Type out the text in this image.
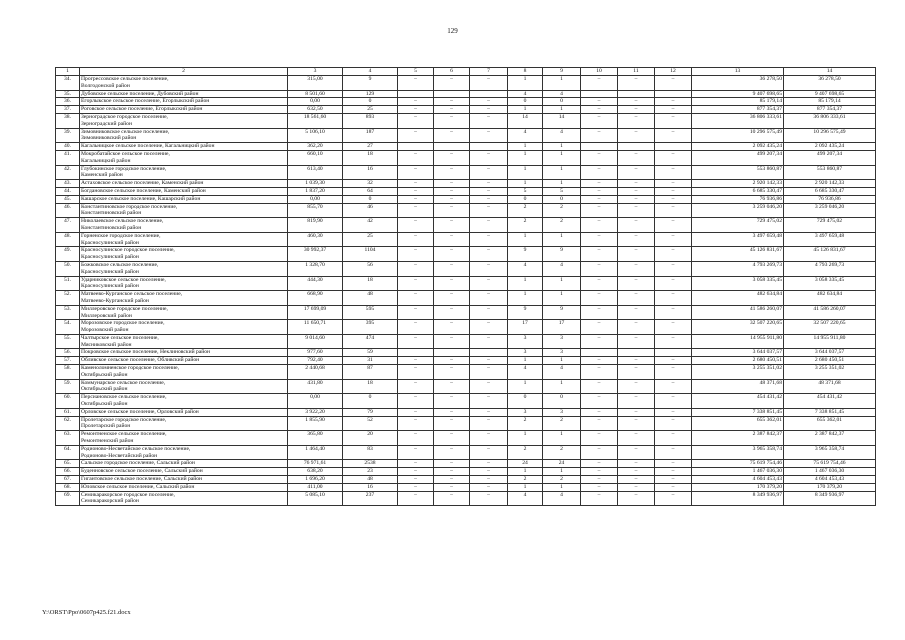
129
1	2	3	4	5	6	7	8	9	10	11	12	13	14
34.	Прогрессовское сельское поселение,
Волгодонской район	315,00	9	–	–	–	1	1	–	–	–	36 278,50	36 278,50
35.	Дубовское сельское поселение, Дубовский район	8 501,60	129				4	4				9 407 698,65	9 407 698,65
36.	Егорлыкское сельское поселение, Егорлыкский район	0,00	0	–	–	–	0	0	–	–	–	85 179,14	85 179,14
37.	Роговское сельское поселение, Егорлыкский район	632,50	25	–	–	–	1	1	–	–	–	877 354,37	877 354,37
38.	Зерноградское городское поселение,
Зерноградский район	18 561,60	893	–	–	–	14	14	–	–	–	36 806 333,61	36 806 333,61
39.	Зимовниковское сельское поселение,
Зимовниковский район	5 106,10	187	–	–	–	4	4	–	–	–	10 296 575,49	10 296 575,49
40.	Кагальницкое сельское поселение, Кагальницкий район	362,20	27				1	1				2 092 435,24	2 092 435,24
41.	Мокробатайское сельское поселение,
Кагальницкий район	660,10	18	–	–	–	1	1	–	–	–	499 207,34	499 207,34
42.	Глубокинское городское поселение,
Каменский район	613,40	16	–	–	–	1	1	–	–	–	553 860,87	553 860,87
43.	Астаховское сельское поселение, Каменский район	1 039,30	32	–	–	–	1	1	–	–	–	2 920 142,33	2 920 142,33
44.	Богдановское сельское поселение, Каменский район	1 837,20	64	–	–	–	5	5	–	–	–	6 685 330,47	6 685 330,47
45.	Кашарское сельское поселение, Кашарский район	0,00	0	–	–	–	0	0	–	–	–	76 936,86	76 936,86
46.	Константиновское городское поселение,
Константиновский район	855,70	46	–	–	–	2	2	–	–	–	3 259 046,20	3 259 046,20
47.	Николаевское сельское поселение,
Константиновский район	819,90	42	–	–	–	2	2	–	–	–	729 475,02	729 475,02
48.	Горненское городское поселение,
Красносулинский район	460,30	25	–	–	–	1	1	–	–	–	3 497 659,48	3 497 659,48
49.	Красносулинское городское поселение,
Красносулинский район	30 992,37	1104	–	–	–	9	9	–	–	–	45 126 831,67	45 126 831,67
50.	Божковское сельское поселение,
Красносулинский район	1 328,70	56	–	–	–	4	4	–	–	–	4 793 269,73	4 793 269,73
51.	Ударниковское сельское поселение,
Красносулинский район	444,30	18	–	–	–	1	1	–	–	–	3 058 335,45	3 058 335,45
52.	Матвеево-Курганское сельское поселение,
Матвеево-Курганский район	668,90	48	–	–	–	1	1	–	–	–	482 634,84	482 634,84
53.	Миллеровское городское поселение,
Миллеровский район	17 699,09	595	–	–	–	9	9	–	–	–	41 586 260,07	41 586 260,07
54.	Морозовское городское поселение,
Морозовский район	11 650,71	395	–	–	–	17	17	–	–	–	32 507 220,65	32 507 220,65
55.	Чалтырское сельское поселение,
Мясниковский район	9 014,60	474	–	–	–	3	3	–	–	–	14 955 911,80	14 955 911,80
56.	Покровское сельское поселение, Неклиновский район	977,60	59				3	3				3 644 037,57	3 644 037,57
57.	Обливское сельское поселение, Обливский район	792,40	31	–	–	–	1	1	–	–	–	2 680 450,51	2 680 450,51
58.	Каменоломненское городское поселение,
Октябрьский район	2 440,68	87	–	–	–	4	4	–	–	–	3 255 351,02	3 255 351,02
59.	Коммунарское сельское поселение,
Октябрьский район	431,80	18	–	–	–	1	1	–	–	–	48 371,68	48 371,68
60.	Персиановское сельское поселение,
Октябрьский район	0,00	0	–	–	–	0	0	–	–	–	454 431,42	454 431,42
61.	Орловское сельское поселение, Орловский район	3 922,20	79	–	–	–	3	3	–	–	–	7 338 851,45	7 338 851,45
62.	Пролетарское городское поселение,
Пролетарский район	1 855,90	52	–	–	–	2	2	–	–	–	655 362,01	655 362,01
63.	Ремонтненское сельское поселение,
Ремонтненский район	365,80	20	–	–	–	1	1	–	–	–	2 387 842,37	2 387 842,37
64.	Родионово-Несветайское сельское поселение,
Родионово-Несветайский район	1 464,40	83	–	–	–	2	2	–	–	–	3 965 358,74	3 965 358,74
65.	Сальское городское поселение, Сальский район	76 971,61	2538	–	–	–	24	24	–	–	–	75 619 754,46	75 619 754,46
66.	Буденновское сельское поселение, Сальский район	638,20	23	–	–	–	1	1	–	–	–	1 467 036,30	1 467 036,30
67.	Гигантовское сельское поселение, Сальский район	1 696,20	48	–	–	–	2	2	–	–	–	4 604 453,43	4 604 453,43
68.	Юловское сельское поселение, Сальский район	411,00	16	–	–	–	1	1	–	–	–	170 379,20	170 379,20
69.	Семикаракорское городское поселение,
Семикаракорский район	5 085,10	237	–	–	–	4	4	–	–	–	8 349 936,97	8 349 936,97
Y:\ORST\Ppo\0607p425.f21.docx
